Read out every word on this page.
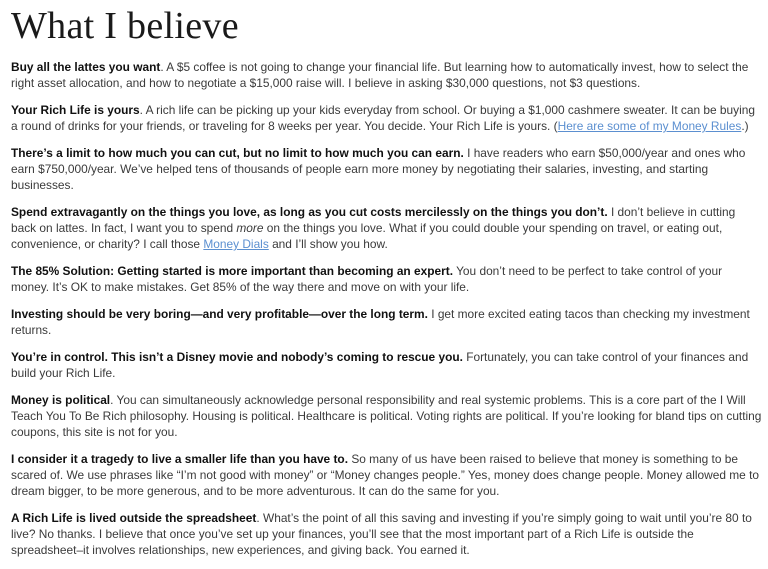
What I believe

Buy all the lattes you want. A $5 coffee is not going to change your financial life. But learning how to automatically invest, how to select the right asset allocation, and how to negotiate a $15,000 raise will. I believe in asking $30,000 questions, not $3 questions.

Your Rich Life is yours. A rich life can be picking up your kids everyday from school. Or buying a $1,000 cashmere sweater. It can be buying a round of drinks for your friends, or traveling for 8 weeks per year. You decide. Your Rich Life is yours. (Here are some of my Money Rules.)

There’s a limit to how much you can cut, but no limit to how much you can earn. I have readers who earn $50,000/year and ones who earn $750,000/year. We’ve helped tens of thousands of people earn more money by negotiating their salaries, investing, and starting businesses.

Spend extravagantly on the things you love, as long as you cut costs mercilessly on the things you don’t. I don’t believe in cutting back on lattes. In fact, I want you to spend more on the things you love. What if you could double your spending on travel, or eating out, convenience, or charity? I call those Money Dials and I’ll show you how.

The 85% Solution: Getting started is more important than becoming an expert. You don’t need to be perfect to take control of your money. It’s OK to make mistakes. Get 85% of the way there and move on with your life.

Investing should be very boring—and very profitable—over the long term. I get more excited eating tacos than checking my investment returns.

You’re in control. This isn’t a Disney movie and nobody’s coming to rescue you. Fortunately, you can take control of your finances and build your Rich Life.

Money is political. You can simultaneously acknowledge personal responsibility and real systemic problems. This is a core part of the I Will Teach You To Be Rich philosophy. Housing is political. Healthcare is political. Voting rights are political. If you’re looking for bland tips on cutting coupons, this site is not for you.

I consider it a tragedy to live a smaller life than you have to. So many of us have been raised to believe that money is something to be scared of. We use phrases like “I’m not good with money” or “Money changes people.” Yes, money does change people. Money allowed me to dream bigger, to be more generous, and to be more adventurous. It can do the same for you.

A Rich Life is lived outside the spreadsheet. What’s the point of all this saving and investing if you’re simply going to wait until you’re 80 to live? No thanks. I believe that once you’ve set up your finances, you’ll see that the most important part of a Rich Life is outside the spreadsheet–it involves relationships, new experiences, and giving back. You earned it.
